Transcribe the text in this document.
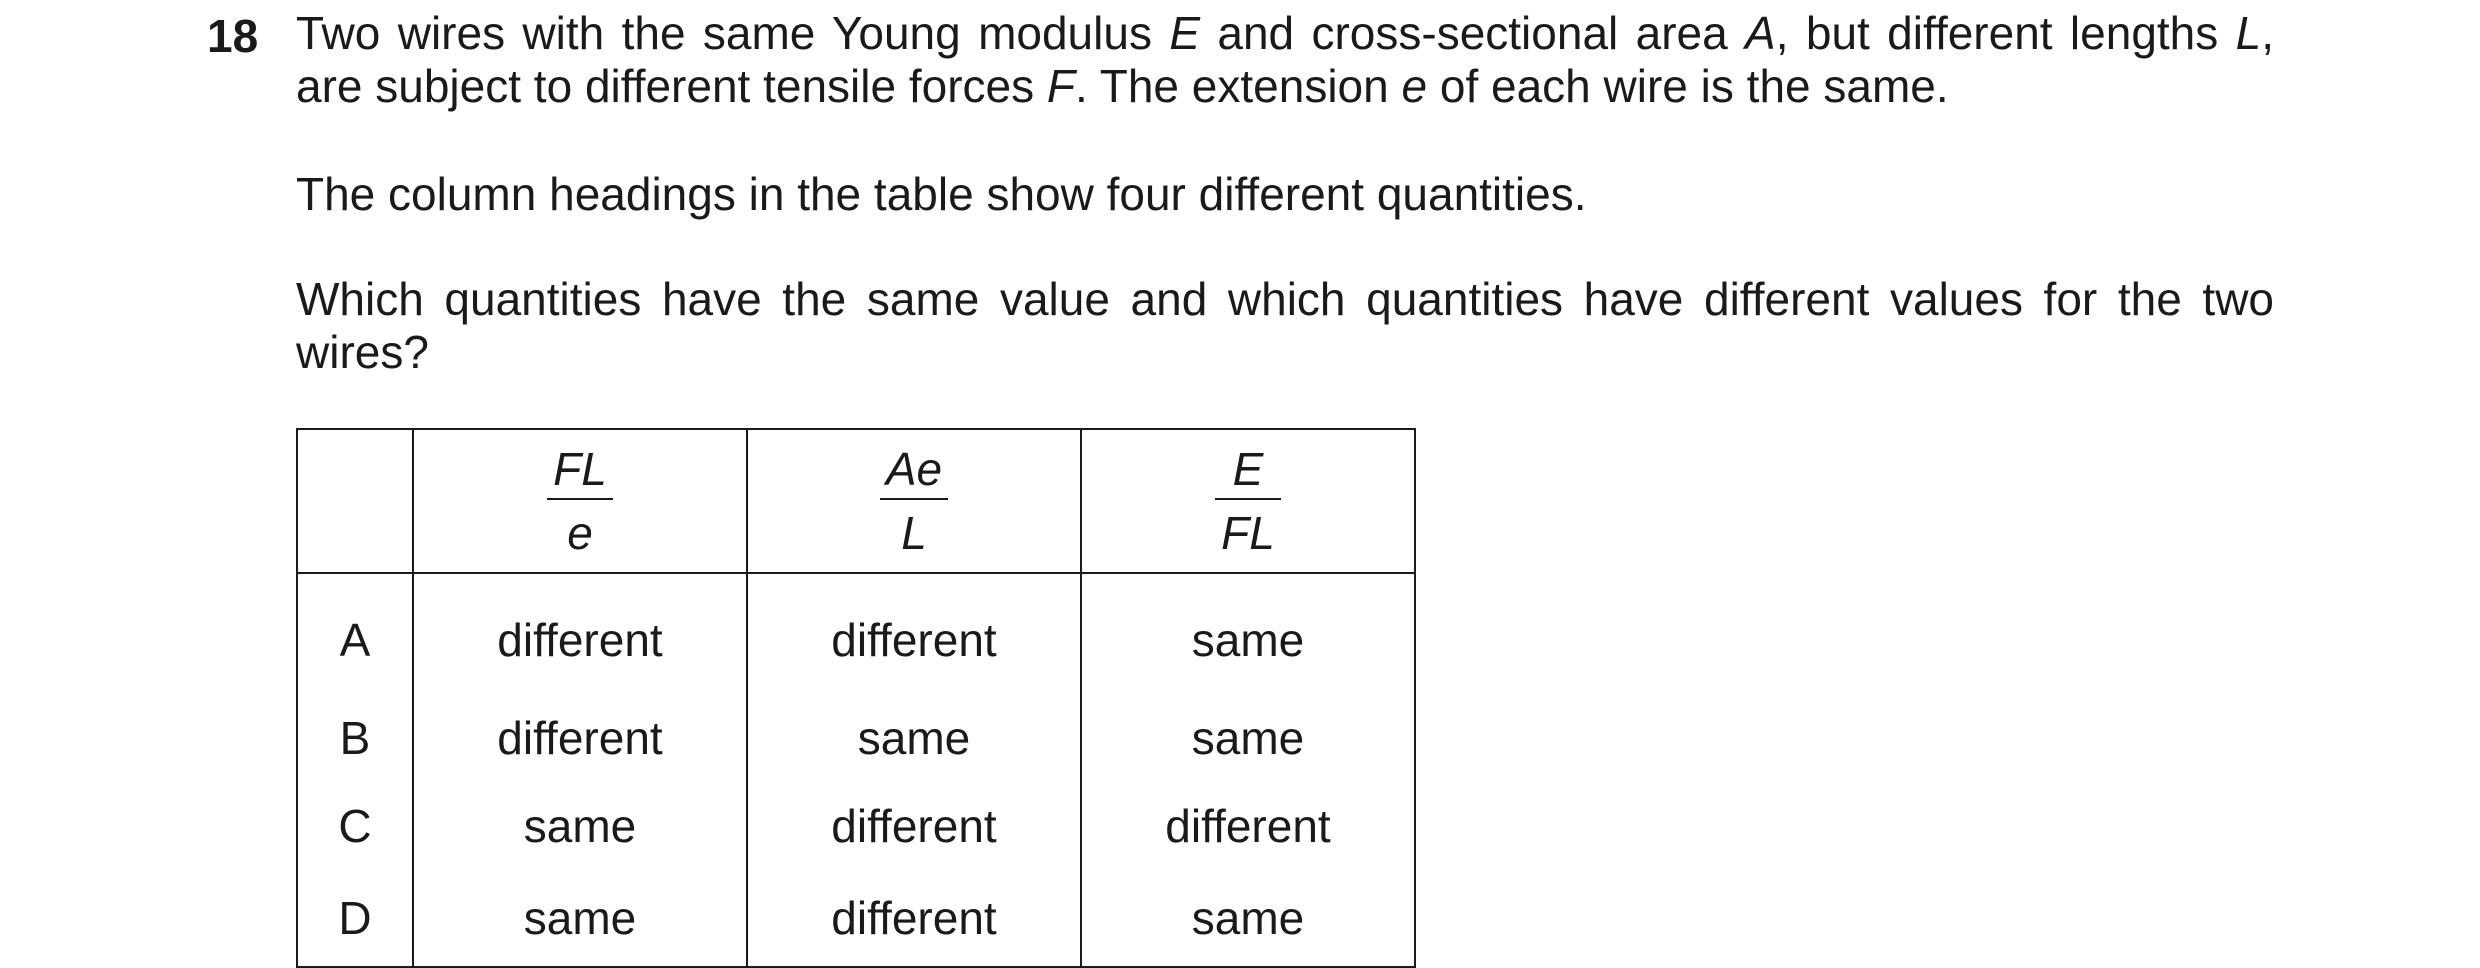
18 Two wires with the same Young modulus E and cross-sectional area A, but different lengths L, are subject to different tensile forces F. The extension e of each wire is the same.
The column headings in the table show four different quantities.
Which quantities have the same value and which quantities have different values for the two wires?

	$\frac{FL}{e}$	$\frac{Ae}{L}$	$\frac{E}{FL}$

A	different	different	same
B	different	same	same
C	same	different	different
D	same	different	same
